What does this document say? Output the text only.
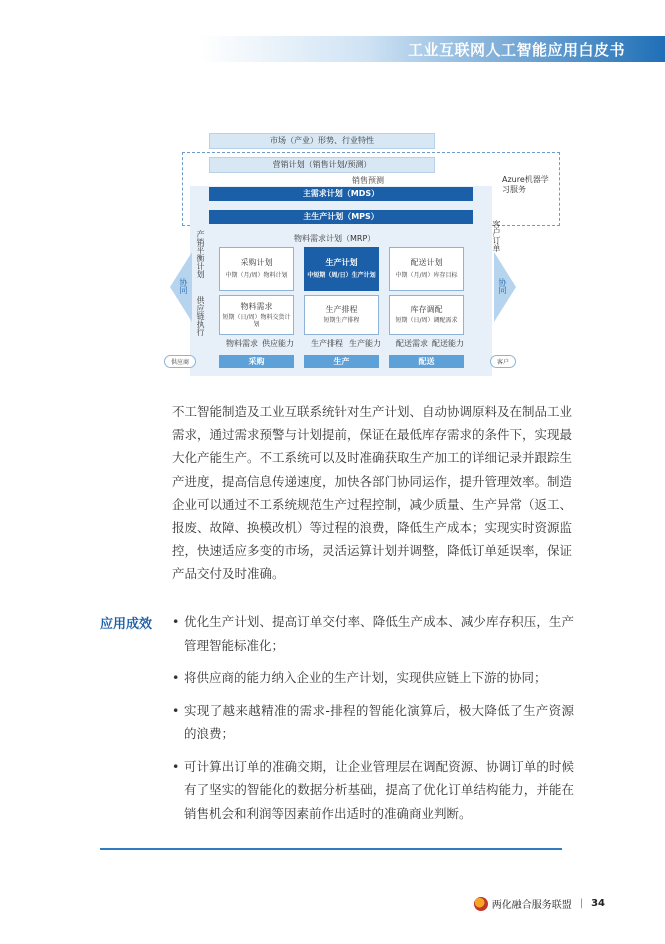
工业互联网人工智能应用白皮书
市场（产业）形势、行业特性
营销计划（销售计划/预测）
销售预测	Azure机器学习服务
主需求计划（MDS）
主生产计划（MPS）
客户订单
物料需求计划（MRP）
产销平衡计划
供应链执行
协同	协同
采购计划
中期（月/周）物料计划
物料需求
短期（日/周）物料交货计划
物料需求 供应能力
生产计划
中短期（周/日）生产计划
生产排程
短期生产排程
生产排程 生产能力
配送计划
中期（月/周）库存目标
库存调配
短期（日/周）调配需求
配送需求 配送能力
供应商	采购	生产	配送	客户
不工智能制造及工业互联系统针对生产计划、自动协调原料及在制品工业需求，通过需求预警与计划提前，保证在最低库存需求的条件下，实现最大化产能生产。不工系统可以及时准确获取生产加工的详细记录并跟踪生产进度，提高信息传递速度，加快各部门协同运作，提升管理效率。制造企业可以通过不工系统规范生产过程控制，减少质量、生产异常（返工、报废、故障、换模改机）等过程的浪费，降低生产成本；实现实时资源监控，快速适应多变的市场，灵活运算计划并调整，降低订单延误率，保证产品交付及时准确。
应用成效
•	优化生产计划、提高订单交付率、降低生产成本、减少库存积压，生产管理智能标准化；
• 将供应商的能力纳入企业的生产计划，实现供应链上下游的协同；
• 实现了越来越精准的需求-排程的智能化演算后，极大降低了生产资源的浪费；
• 可计算出订单的准确交期，让企业管理层在调配资源、协调订单的时候有了坚实的智能化的数据分析基础，提高了优化订单结构能力，并能在销售机会和利润等因素前作出适时的准确商业判断。
两化融合服务联盟 | 34
